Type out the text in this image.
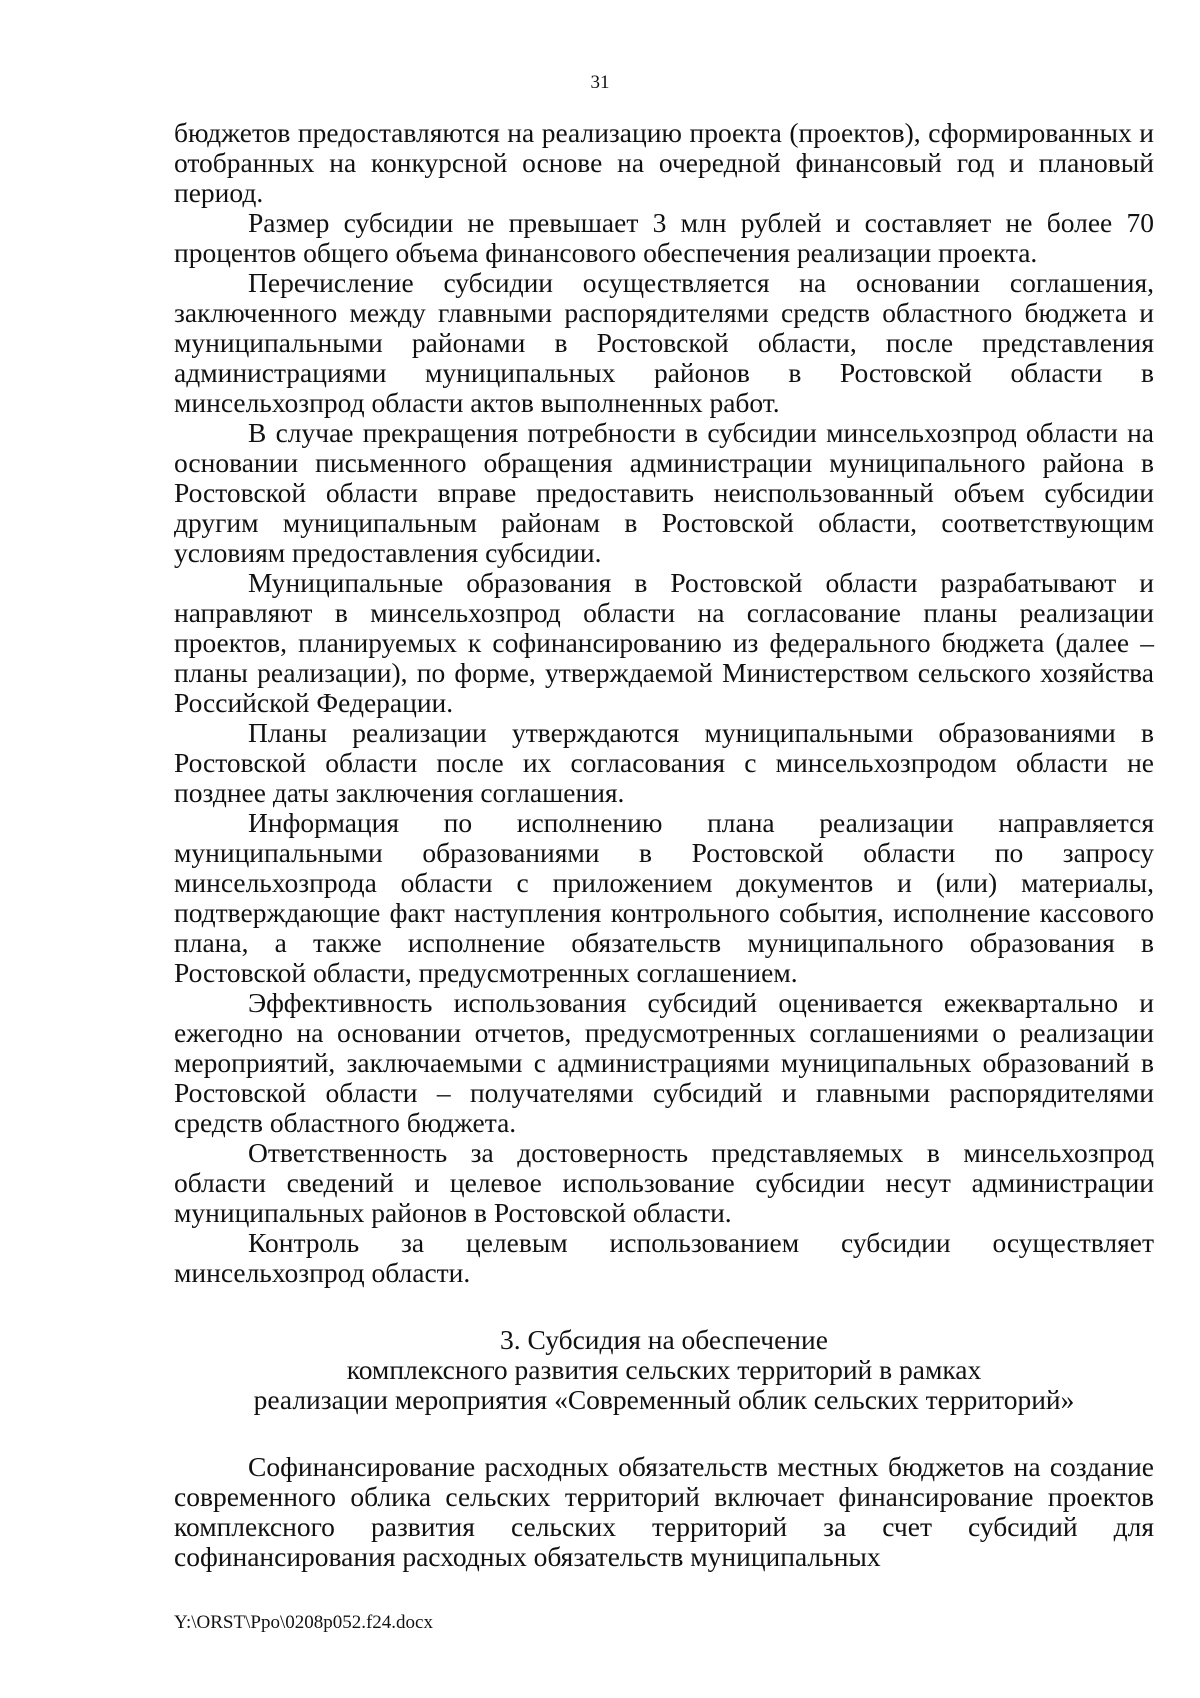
31

бюджетов предоставляются на реализацию проекта (проектов), сформированных и отобранных на конкурсной основе на очередной финансовый год и плановый период.

Размер субсидии не превышает 3 млн рублей и составляет не более 70 процентов общего объема финансового обеспечения реализации проекта.

Перечисление субсидии осуществляется на основании соглашения, заключенного между главными распорядителями средств областного бюджета и муниципальными районами в Ростовской области, после представления администрациями муниципальных районов в Ростовской области в минсельхозпрод области актов выполненных работ.

В случае прекращения потребности в субсидии минсельхозпрод области на основании письменного обращения администрации муниципального района в Ростовской области вправе предоставить неиспользованный объем субсидии другим муниципальным районам в Ростовской области, соответствующим условиям предоставления субсидии.

Муниципальные образования в Ростовской области разрабатывают и направляют в минсельхозпрод области на согласование планы реализации проектов, планируемых к софинансированию из федерального бюджета (далее – планы реализации), по форме, утверждаемой Министерством сельского хозяйства Российской Федерации.

Планы реализации утверждаются муниципальными образованиями в Ростовской области после их согласования с минсельхозпродом области не позднее даты заключения соглашения.

Информация по исполнению плана реализации направляется муниципальными образованиями в Ростовской области по запросу минсельхозпрода области с приложением документов и (или) материалы, подтверждающие факт наступления контрольного события, исполнение кассового плана, а также исполнение обязательств муниципального образования в Ростовской области, предусмотренных соглашением.

Эффективность использования субсидий оценивается ежеквартально и ежегодно на основании отчетов, предусмотренных соглашениями о реализации мероприятий, заключаемыми с администрациями муниципальных образований в Ростовской области – получателями субсидий и главными распорядителями средств областного бюджета.

Ответственность за достоверность представляемых в минсельхозпрод области сведений и целевое использование субсидии несут администрации муниципальных районов в Ростовской области.

Контроль за целевым использованием субсидии осуществляет минсельхозпрод области.

3. Субсидия на обеспечение
комплексного развития сельских территорий в рамках
реализации мероприятия «Современный облик сельских территорий»

Софинансирование расходных обязательств местных бюджетов на создание современного облика сельских территорий включает финансирование проектов комплексного развития сельских территорий за счет субсидий для софинансирования расходных обязательств муниципальных

Y:\ORST\Ppo\0208p052.f24.docx
